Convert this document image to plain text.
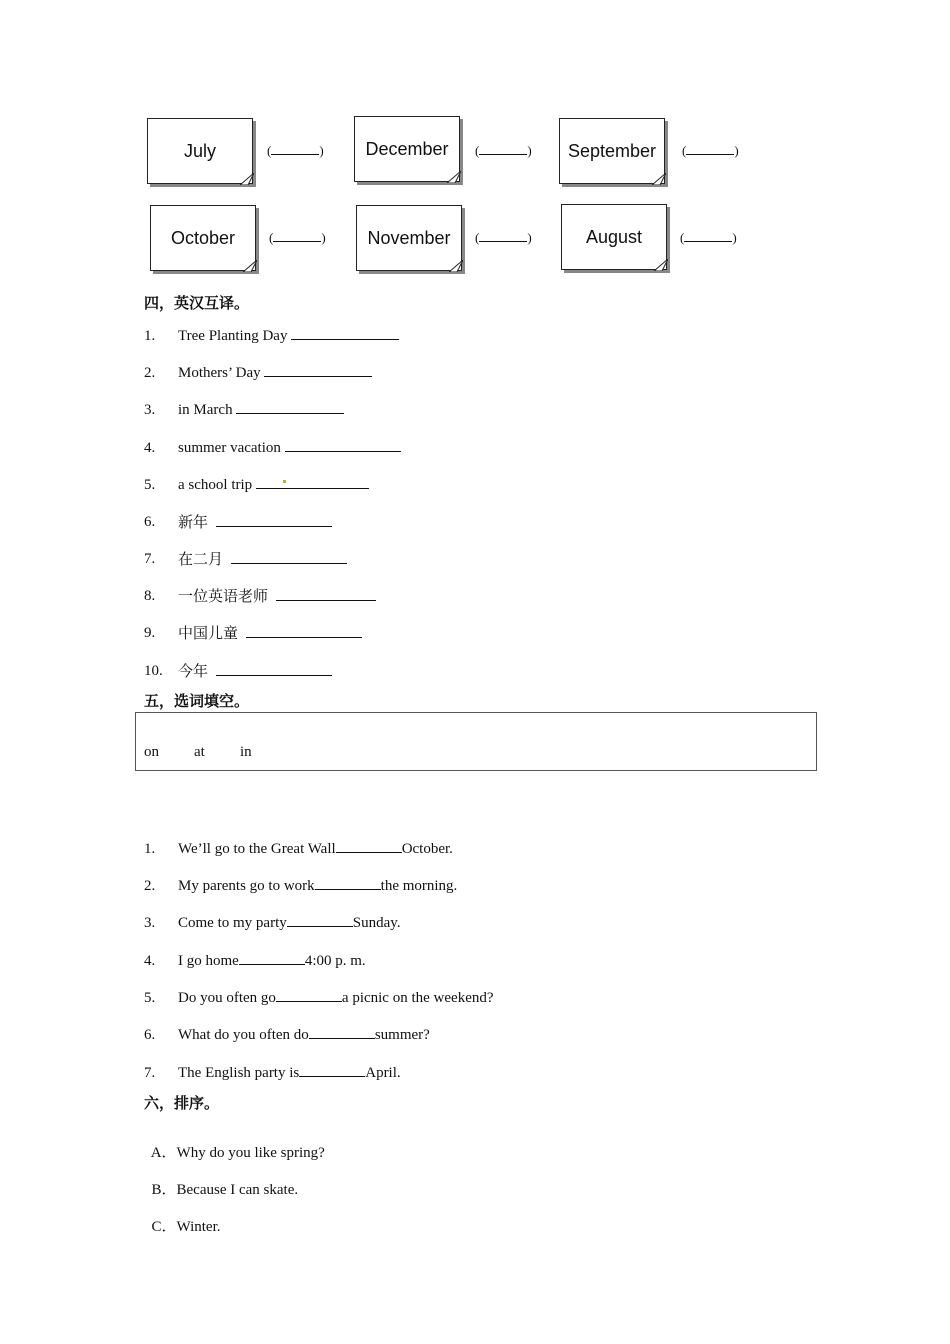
July	(	) December (	) September (	)
October	(	) November (	)	August	(	)
四，英汉互译。

1.

Tree Planting Day

2.

Mothers’ Day

3.

in March

4.

summer vacation

5.

a school trip

6.

新年

7.

在二月

8.

一位英语老师

9.

中国儿童

10.

今年

五，选词填空。
on at in

1.

We’ll go to the Great Wall	October.

2.

My parents go to work	the morning.

3.

Come to my party	Sunday.

4.

I go home	4:00 p. m.

5.

Do you often go	a picnic on the weekend?

6.

What do you often do	summer?

7.

The English party is	April.

六，排序。

A．Why do you like spring?

B．Because I can skate.

C．Winter.
